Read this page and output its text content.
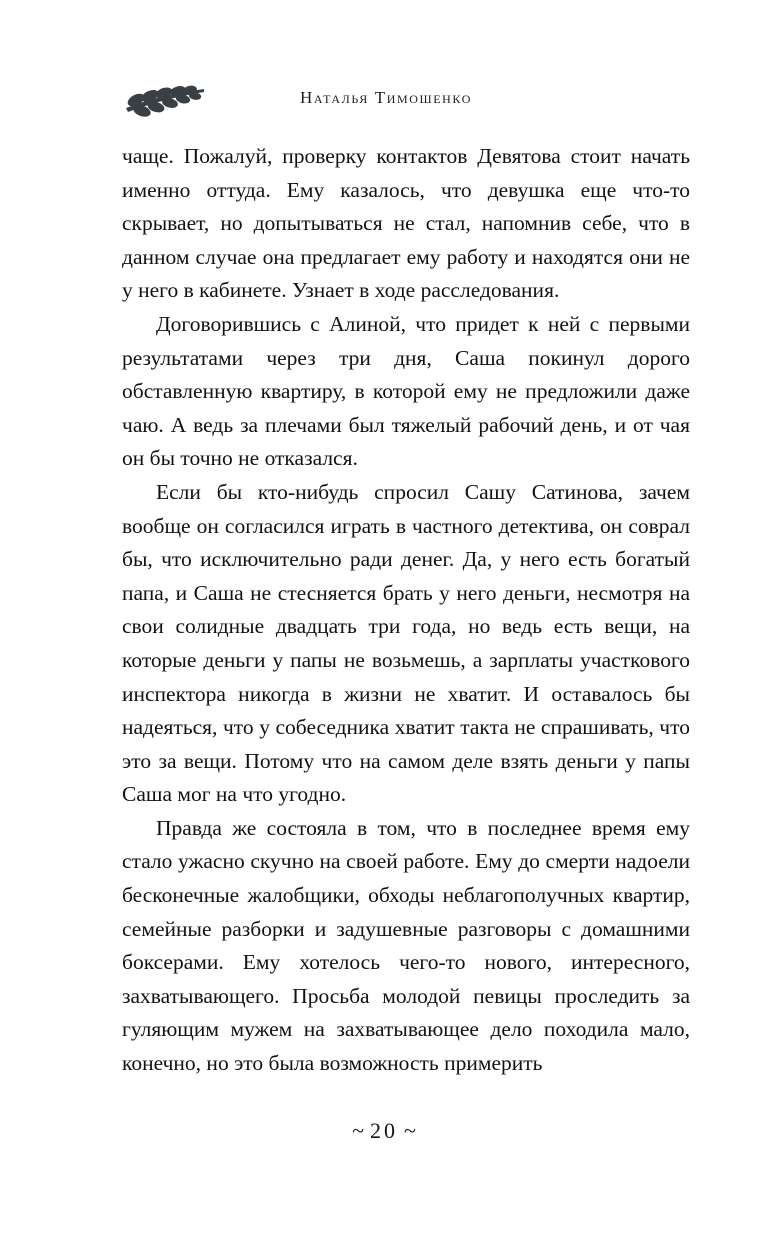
Наталья Тимошенко

чаще. Пожалуй, проверку контактов Девятова стоит начать именно оттуда. Ему казалось, что девушка еще что-то скрывает, но допытываться не стал, напомнив себе, что в данном случае она предлагает ему работу и находятся они не у него в кабинете. Узнает в ходе расследования.

Договорившись с Алиной, что придет к ней с первыми результатами через три дня, Саша покинул дорого обставленную квартиру, в которой ему не предложили даже чаю. А ведь за плечами был тяжелый рабочий день, и от чая он бы точно не отказался.

Если бы кто-нибудь спросил Сашу Сатинова, зачем вообще он согласился играть в частного детектива, он соврал бы, что исключительно ради денег. Да, у него есть богатый папа, и Саша не стесняется брать у него деньги, несмотря на свои солидные двадцать три года, но ведь есть вещи, на которые деньги у папы не возьмешь, а зарплаты участкового инспектора никогда в жизни не хватит. И оставалось бы надеяться, что у собеседника хватит такта не спрашивать, что это за вещи. Потому что на самом деле взять деньги у папы Саша мог на что угодно.

Правда же состояла в том, что в последнее время ему стало ужасно скучно на своей работе. Ему до смерти надоели бесконечные жалобщики, обходы неблагополучных квартир, семейные разборки и задушевные разговоры с домашними боксерами. Ему хотелось чего-то нового, интересного, захватывающего. Просьба молодой певицы проследить за гуляющим мужем на захватывающее дело походила мало, конечно, но это была возможность примерить

~ 20 ~
